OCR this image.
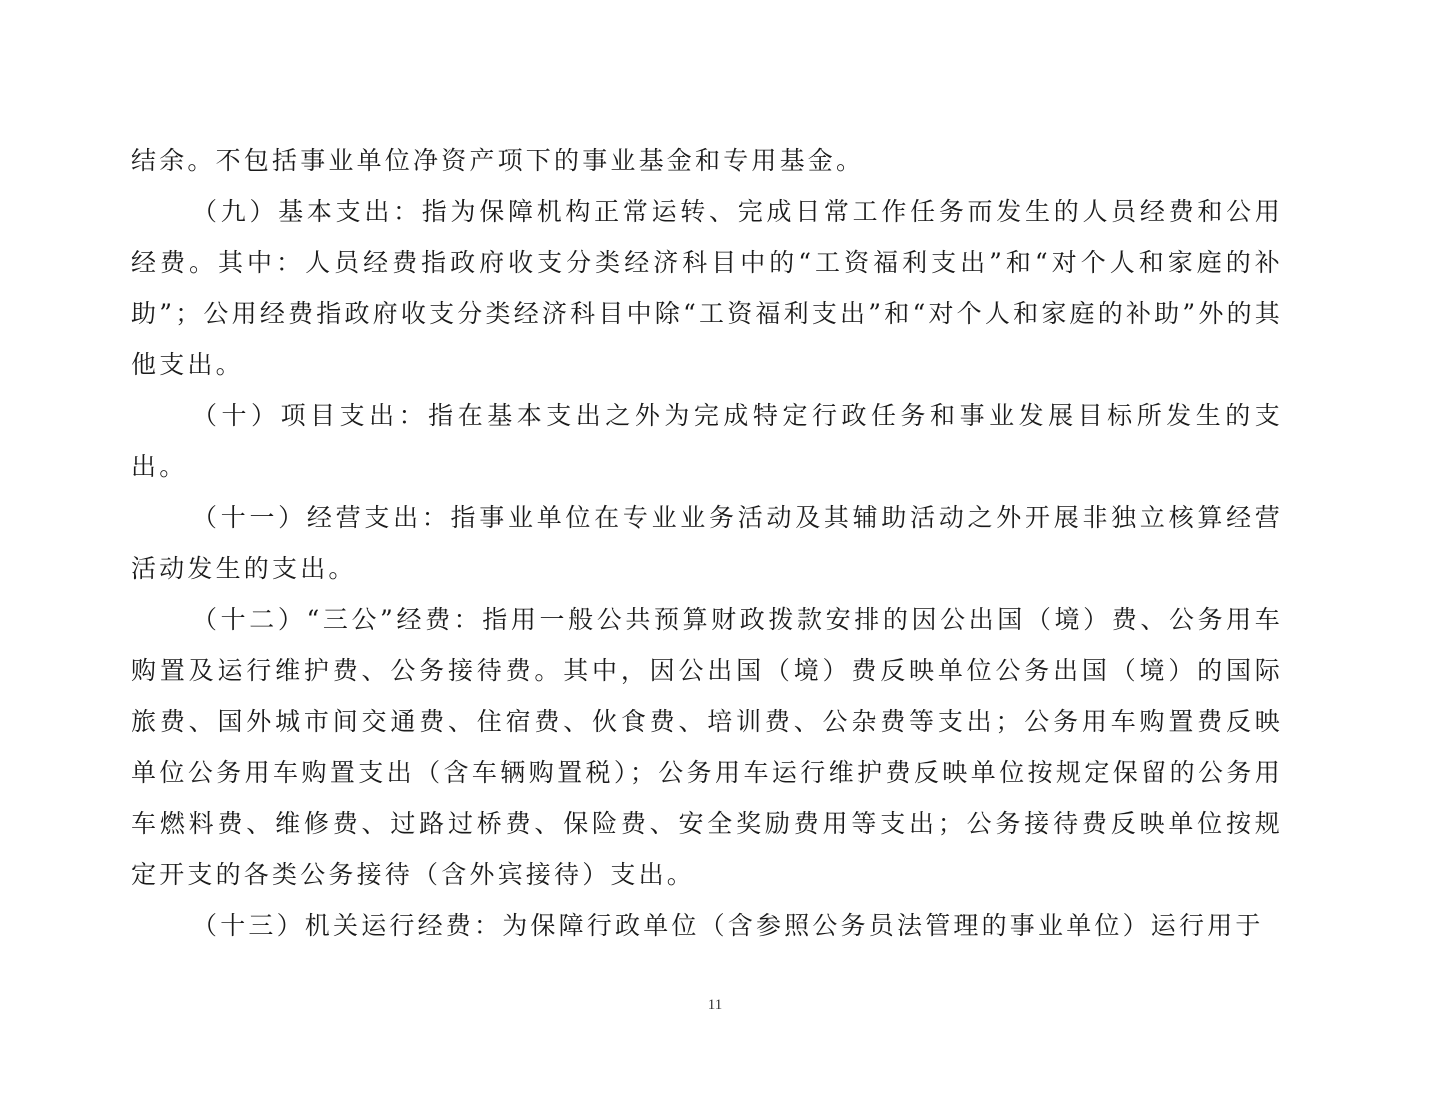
结余。不包括事业单位净资产项下的事业基金和专用基金。

（九）基本支出：指为保障机构正常运转、完成日常工作任务而发生的人员经费和公用经费。其中：人员经费指政府收支分类经济科目中的“工资福利支出”和“对个人和家庭的补助”；公用经费指政府收支分类经济科目中除“工资福利支出”和“对个人和家庭的补助”外的其他支出。

（十）项目支出：指在基本支出之外为完成特定行政任务和事业发展目标所发生的支出。

（十一）经营支出：指事业单位在专业业务活动及其辅助活动之外开展非独立核算经营活动发生的支出。

（十二）“三公”经费：指用一般公共预算财政拨款安排的因公出国（境）费、公务用车购置及运行维护费、公务接待费。其中，因公出国（境）费反映单位公务出国（境）的国际旅费、国外城市间交通费、住宿费、伙食费、培训费、公杂费等支出；公务用车购置费反映单位公务用车购置支出（含车辆购置税）；公务用车运行维护费反映单位按规定保留的公务用车燃料费、维修费、过路过桥费、保险费、安全奖励费用等支出；公务接待费反映单位按规定开支的各类公务接待（含外宾接待）支出。

（十三）机关运行经费：为保障行政单位（含参照公务员法管理的事业单位）运行用于

11
